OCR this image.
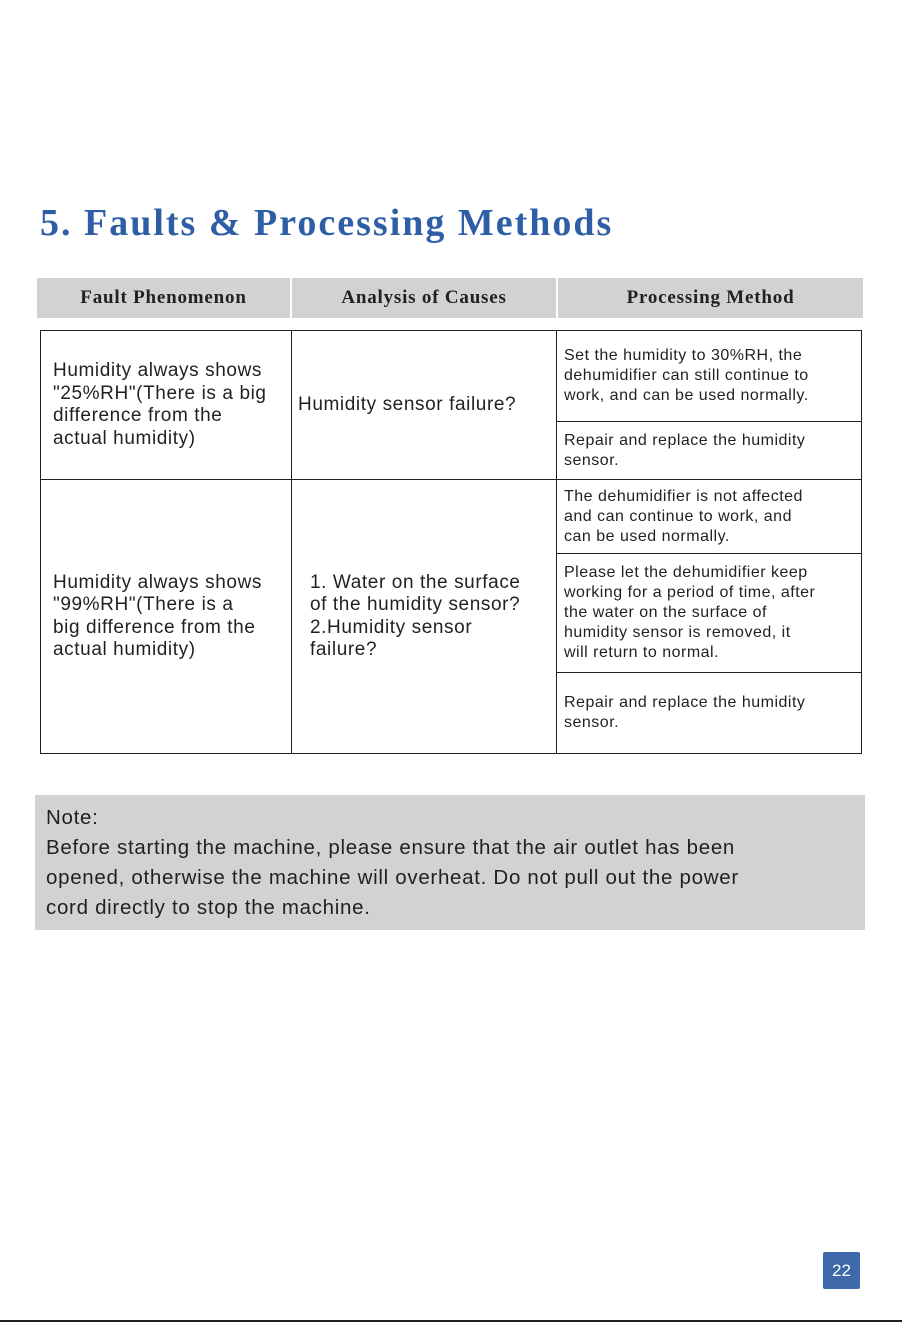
5. Faults & Processing Methods
Fault Phenomenon	Analysis of Causes	Processing Method
Humidity always shows
"25%RH"(There is a big
difference from the
actual humidity)
Humidity sensor failure?
Set the humidity to 30%RH, the
dehumidifier can still continue to
work, and can be used normally.
Repair and replace the humidity
sensor.
Humidity always shows
"99%RH"(There is a
big difference from the
actual humidity)
1. Water on the surface
of the humidity sensor?
2.Humidity sensor
failure?
The dehumidifier is not affected
and can continue to work, and
can be used normally.
Please let the dehumidifier keep
working for a period of time, after
the water on the surface of
humidity sensor is removed, it
will return to normal.
Repair and replace the humidity
sensor.
Note:
Before starting the machine, please ensure that the air outlet has been
opened, otherwise the machine will overheat. Do not pull out the power
cord directly to stop the machine.
22
